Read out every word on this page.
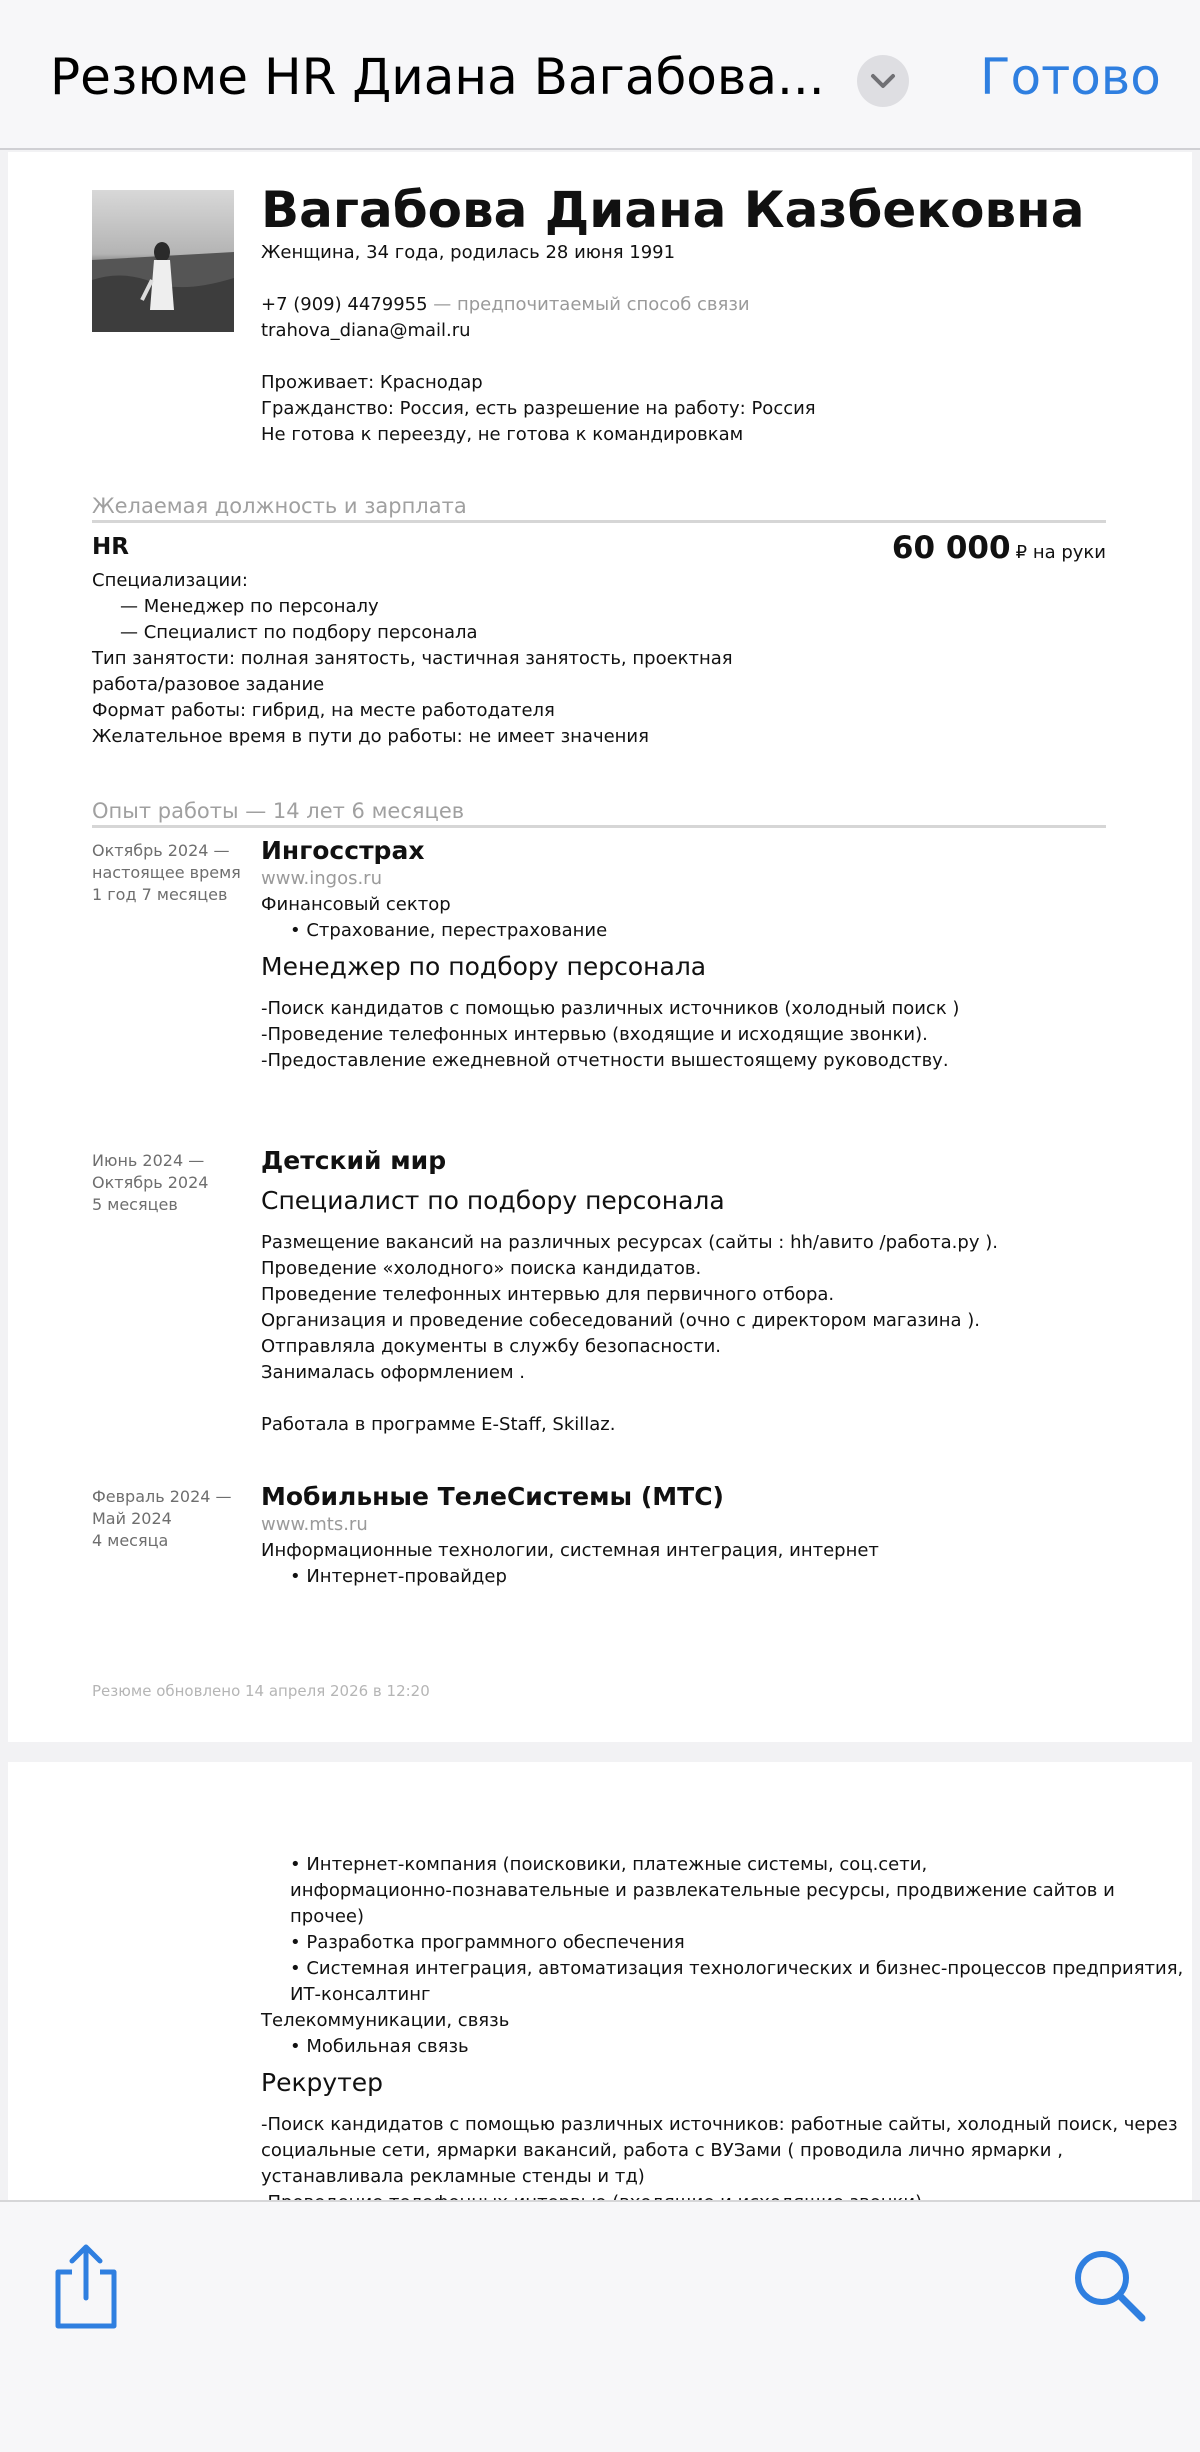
Резюме HR Диана Вагабова...	Готово
Вагабова Диана Казбековна
Женщина, 34 года, родилась 28 июня 1991
+7 (909) 4479955 — предпочитаемый способ связи
trahova_diana@mail.ru
Проживает: Краснодар
Гражданство: Россия, есть разрешение на работу: Россия
Не готова к переезду, не готова к командировкам
Желаемая должность и зарплата
HR	60 000 ₽ на руки
Специализации:
— Менеджер по персоналу
— Специалист по подбору персонала
Тип занятости: полная занятость, частичная занятость, проектная
работа/разовое задание
Формат работы: гибрид, на месте работодателя
Желательное время в пути до работы: не имеет значения
Опыт работы — 14 лет 6 месяцев
Октябрь 2024 —
настоящее время
1 год 7 месяцев
Ингосстрах
www.ingos.ru
Финансовый сектор
• Страхование, перестрахование
Менеджер по подбору персонала
-Поиск кандидатов с помощью различных источников (холодный поиск )
-Проведение телефонных интервью (входящие и исходящие звонки).
-Предоставление ежедневной отчетности вышестоящему руководству.
Июнь 2024 —
Октябрь 2024
5 месяцев
Детский мир
Специалист по подбору персонала
Размещение вакансий на различных ресурсах (сайты : hh/авито /работа.ру ).
Проведение «холодного» поиска кандидатов.
Проведение телефонных интервью для первичного отбора.
Организация и проведение собеседований (очно с директором магазина ).
Отправляла документы в службу безопасности.
Занималась оформлением .
Работала в программе E-Staff, Skillaz.
Февраль 2024 —
Май 2024
4 месяца
Мобильные ТелеСистемы (МТС)
www.mts.ru
Информационные технологии, системная интеграция, интернет
• Интернет-провайдер
Резюме обновлено 14 апреля 2026 в 12:20
• Интернет-компания (поисковики, платежные системы, соц.сети,
информационно-познавательные и развлекательные ресурсы, продвижение сайтов и
прочее)
• Разработка программного обеспечения
• Системная интеграция, автоматизация технологических и бизнес-процессов предприятия,
ИТ-консалтинг
Телекоммуникации, связь
• Мобильная связь
Рекрутер
-Поиск кандидатов с помощью различных источников: работные сайты, холодный поиск, через
социальные сети, ярмарки вакансий, работа с ВУЗами ( проводила лично ярмарки ,
устанавливала рекламные стенды и тд)
